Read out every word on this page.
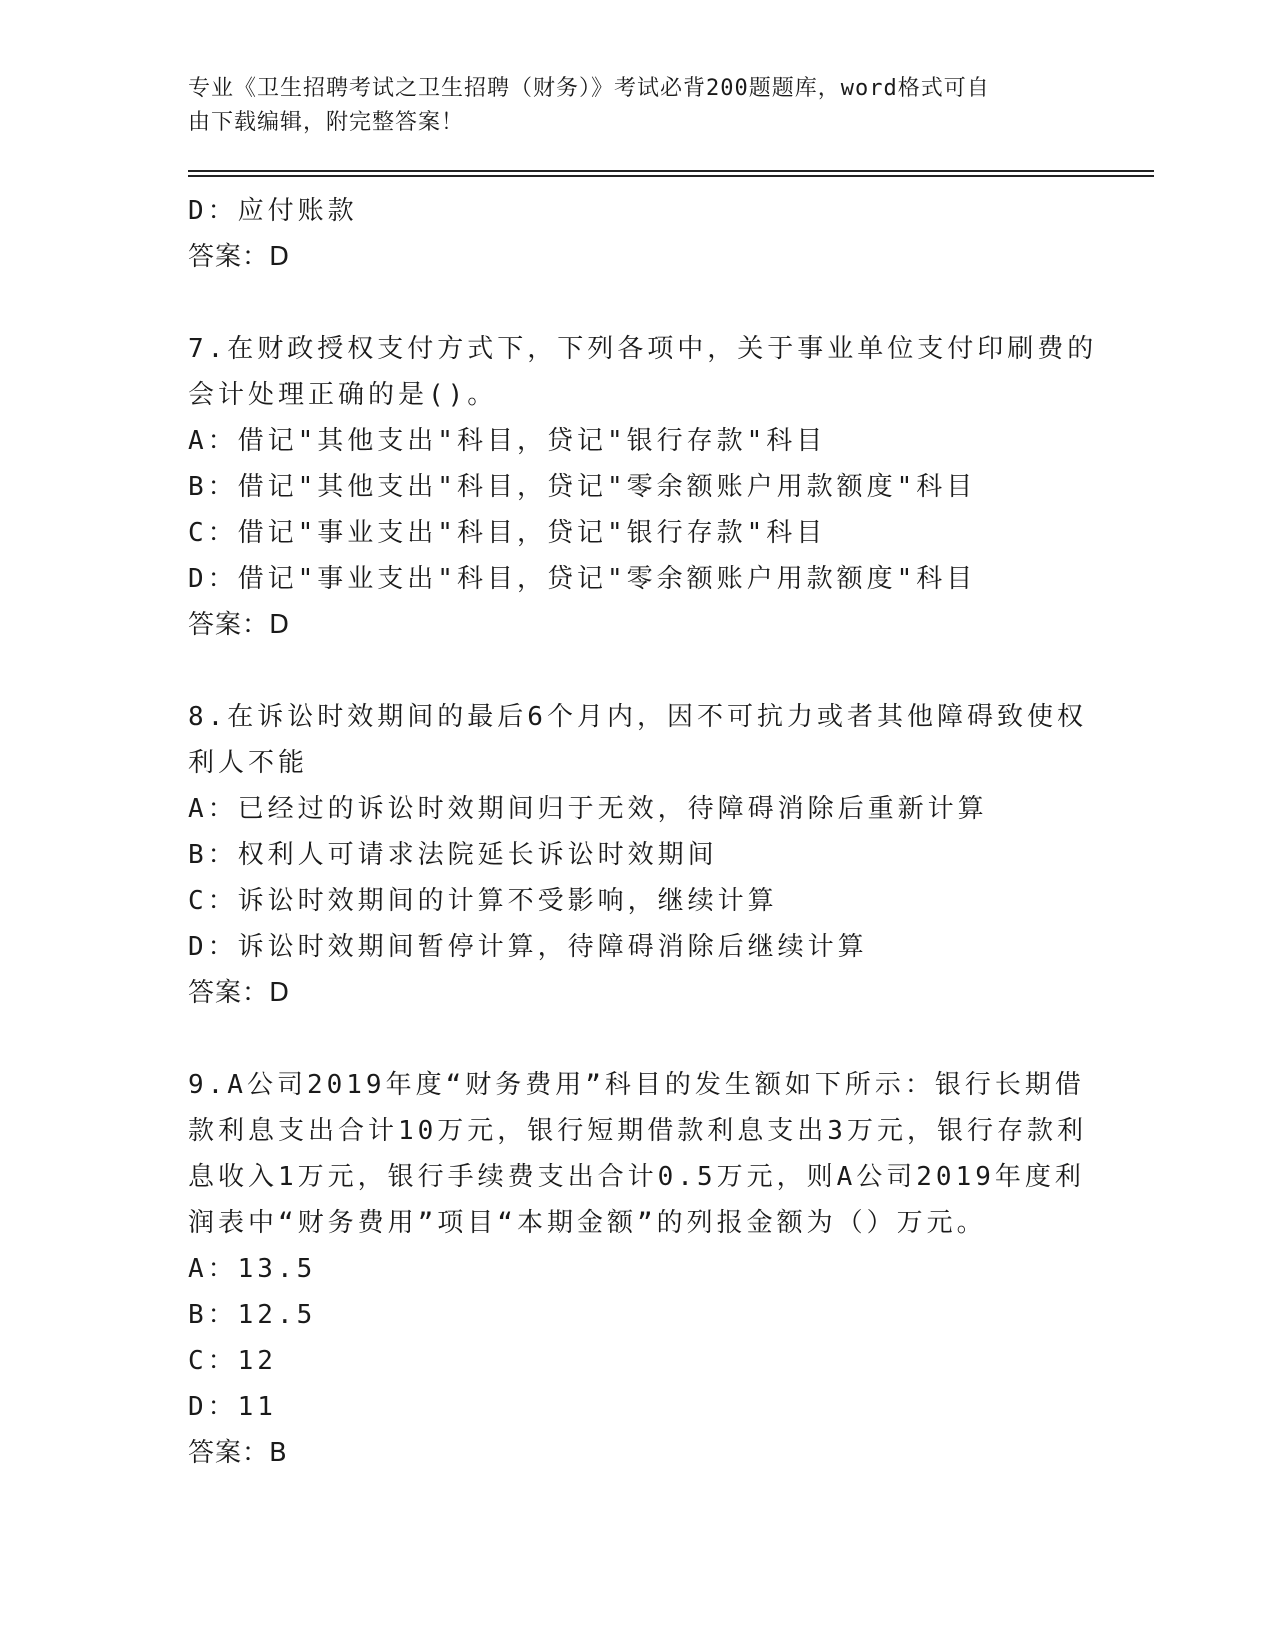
专业《卫生招聘考试之卫生招聘（财务）》考试必背200题题库，word格式可自
由下载编辑，附完整答案！
D：应付账款
答案：D
7.在财政授权支付方式下，下列各项中，关于事业单位支付印刷费的
会计处理正确的是()。
A：借记"其他支出"科目，贷记"银行存款"科目
B：借记"其他支出"科目，贷记"零余额账户用款额度"科目
C：借记"事业支出"科目，贷记"银行存款"科目
D：借记"事业支出"科目，贷记"零余额账户用款额度"科目
答案：D
8.在诉讼时效期间的最后6个月内，因不可抗力或者其他障碍致使权
利人不能
A：已经过的诉讼时效期间归于无效，待障碍消除后重新计算
B：权利人可请求法院延长诉讼时效期间
C：诉讼时效期间的计算不受影响，继续计算
D：诉讼时效期间暂停计算，待障碍消除后继续计算
答案：D
9.A公司2019年度“财务费用”科目的发生额如下所示：银行长期借
款利息支出合计10万元，银行短期借款利息支出3万元，银行存款利
息收入1万元，银行手续费支出合计0.5万元，则A公司2019年度利
润表中“财务费用”项目“本期金额”的列报金额为（）万元。
A：13.5
B：12.5
C：12
D：11
答案：B
